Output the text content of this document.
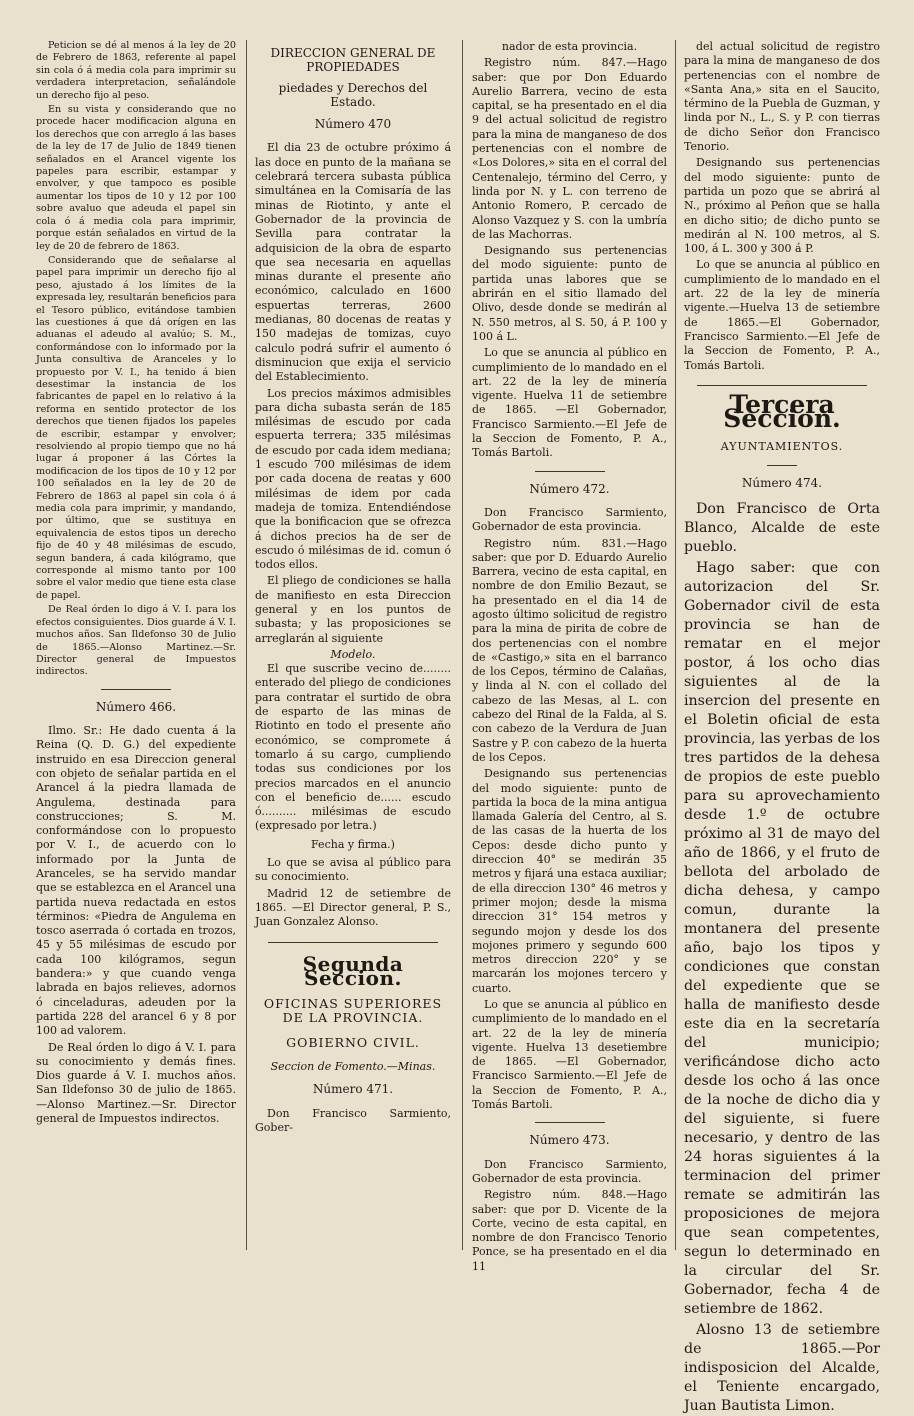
Peticion se dé al menos á la ley de 20 de Febrero de 1863, referente al papel sin cola ó á media cola para imprimir su verdadera interpretacion, señalándole un derecho fijo al peso.

En su vista y considerando que no procede hacer modificacion alguna en los derechos que con arreglo á las bases de la ley de 17 de Julio de 1849 tienen señalados en el Arancel vigente los papeles para escribir, estampar y envolver, y que tampoco es posible aumentar los tipos de 10 y 12 por 100 sobre avaluo que adeuda el papel sin cola ó á media cola para imprimir, porque están señalados en virtud de la ley de 20 de febrero de 1863.

Considerando que de señalarse al papel para imprimir un derecho fijo al peso, ajustado á los límites de la expresada ley, resultarán beneficios para el Tesoro público, evitándose tambien las cuestiones á que dá orígen en las aduanas el adeudo al avalúo; S. M., conformándose con lo informado por la Junta consultiva de Aranceles y lo propuesto por V. I., ha tenido á bien desestimar la instancia de los fabricantes de papel en lo relativo á la reforma en sentido protector de los derechos que tienen fijados los papeles de escribir, estampar y envolver; resolviendo al propio tiempo que no há lugar á proponer á las Córtes la modificacion de los tipos de 10 y 12 por 100 señalados en la ley de 20 de Febrero de 1863 al papel sin cola ó á media cola para imprimir, y mandando, por último, que se sustituya en equivalencia de estos tipos un derecho fijo de 40 y 48 milésimas de escudo, segun bandera, á cada kilógramo, que corresponde al mismo tanto por 100 sobre el valor medio que tiene esta clase de papel.

De Real órden lo digo á V. I. para los efectos consiguientes. Dios guarde á V. I. muchos años. San Ildefonso 30 de Julio de 1865.—Alonso Martinez.—Sr. Director general de Impuestos indirectos.

Número 466.

Ilmo. Sr.: He dado cuenta á la Reina (Q. D. G.) del expediente instruido en esa Direccion general con objeto de señalar partida en el Arancel á la piedra llamada de Angulema, destinada para construcciones; S. M. conformándose con lo propuesto por V. I., de acuerdo con lo informado por la Junta de Aranceles, se ha servido mandar que se establezca en el Arancel una partida nueva redactada en estos términos: «Piedra de Angulema en tosco aserrada ó cortada en trozos, 45 y 55 milésimas de escudo por cada 100 kilógramos, segun bandera:» y que cuando venga labrada en bajos relieves, adornos ó cinceladuras, adeuden por la partida 228 del arancel 6 y 8 por 100 ad valorem.

De Real órden lo digo á V. I. para su conocimiento y demás fines. Dios guarde á V. I. muchos años. San Ildefonso 30 de julio de 1865. —Alonso Martinez.—Sr. Director general de Impuestos indirectos.

DIRECCION GENERAL DE PROPIEDADES
piedades y Derechos del Estado.
Número 470

El dia 23 de octubre próximo á las doce en punto de la mañana se celebrará tercera subasta pública simultánea en la Comisaría de las minas de Riotinto, y ante el Gobernador de la provincia de Sevilla para contratar la adquisicion de la obra de esparto que sea necesaria en aquellas minas durante el presente año económico, calculado en 1600 espuertas terreras, 2600 medianas, 80 docenas de reatas y 150 madejas de tomizas, cuyo calculo podrá sufrir el aumento ó disminucion que exija el servicio del Establecimiento.

Los precios máximos admisibles para dicha subasta serán de 185 milésimas de escudo por cada espuerta terrera; 335 milésimas de escudo por cada idem mediana; 1 escudo 700 milésimas de idem por cada docena de reatas y 600 milésimas de idem por cada madeja de tomiza. Entendiéndose que la bonificacion que se ofrezca á dichos precios ha de ser de escudo ó milésimas de id. comun ó todos ellos.

El pliego de condiciones se halla de manifiesto en esta Direccion general y en los puntos de subasta; y las proposiciones se arreglarán al siguiente

Modelo.

El que suscribe vecino de........ enterado del pliego de condiciones para contratar el surtido de obra de esparto de las minas de Riotinto en todo el presente año económico, se compromete á tomarlo á su cargo, cumpliendo todas sus condiciones por los precios marcados en el anuncio con el beneficio de...... escudo ó.......... milésimas de escudo (expresado por letra.)

Fecha y firma.)

Lo que se avisa al público para su conocimiento.

Madrid 12 de setiembre de 1865. —El Director general, P. S., Juan Gonzalez Alonso.

Segunda Seccion.
OFICINAS SUPERIORES DE LA PROVINCIA.
GOBIERNO CIVIL.
Seccion de Fomento.—Minas.
Número 471.

Don Francisco Sarmiento, Gober-

nador de esta provincia.

Registro núm. 847.—Hago saber: que por Don Eduardo Aurelio Barrera, vecino de esta capital, se ha presentado en el dia 9 del actual solicitud de registro para la mina de manganeso de dos pertenencias con el nombre de «Los Dolores,» sita en el corral del Centenalejo, término del Cerro, y linda por N. y L. con terreno de Antonio Romero, P. cercado de Alonso Vazquez y S. con la umbría de las Machorras.

Designando sus pertenencias del modo siguiente: punto de partida unas labores que se abrirán en el sitio llamado del Olivo, desde donde se medirán al N. 550 metros, al S. 50, á P. 100 y 100 á L.

Lo que se anuncia al público en cumplimiento de lo mandado en el art. 22 de la ley de minería vigente. Huelva 11 de setiembre de 1865. —El Gobernador, Francisco Sarmiento.—El Jefe de la Seccion de Fomento, P. A., Tomás Bartoli.

Número 472.

Don Francisco Sarmiento, Gobernador de esta provincia.

Registro núm. 831.—Hago saber: que por D. Eduardo Aurelio Barrera, vecino de esta capital, en nombre de don Emilio Bezaut, se ha presentado en el dia 14 de agosto último solicitud de registro para la mina de pirita de cobre de dos pertenencias con el nombre de «Castigo,» sita en el barranco de los Cepos, término de Calañas, y linda al N. con el collado del cabezo de las Mesas, al L. con cabezo del Rinal de la Falda, al S. con cabezo de la Verdura de Juan Sastre y P. con cabezo de la huerta de los Cepos.

Designando sus pertenencias del modo siguiente: punto de partida la boca de la mina antigua llamada Galería del Centro, al S. de las casas de la huerta de los Cepos: desde dicho punto y direccion 40° se medirán 35 metros y fijará una estaca auxiliar; de ella direccion 130° 46 metros y primer mojon; desde la misma direccion 31° 154 metros y segundo mojon y desde los dos mojones primero y segundo 600 metros direccion 220° y se marcarán los mojones tercero y cuarto.

Lo que se anuncia al público en cumplimiento de lo mandado en el art. 22 de la ley de minería vigente. Huelva 13 desetiembre de 1865. —El Gobernador, Francisco Sarmiento.—El Jefe de la Seccion de Fomento, P. A., Tomás Bartoli.

Número 473.

Don Francisco Sarmiento, Gobernador de esta provincia.

Registro núm. 848.—Hago saber: que por D. Vicente de la Corte, vecino de esta capital, en nombre de don Francisco Tenorio Ponce, se ha presentado en el dia 11

del actual solicitud de registro para la mina de manganeso de dos pertenencias con el nombre de «Santa Ana,» sita en el Saucito, término de la Puebla de Guzman, y linda por N., L., S. y P. con tierras de dicho Señor don Francisco Tenorio.

Designando sus pertenencias del modo siguiente: punto de partida un pozo que se abrirá al N., próximo al Peñon que se halla en dicho sitio; de dicho punto se medirán al N. 100 metros, al S. 100, á L. 300 y 300 á P.

Lo que se anuncia al público en cumplimiento de lo mandado en el art. 22 de la ley de minería vigente.—Huelva 13 de setiembre de 1865.—El Gobernador, Francisco Sarmiento.—El Jefe de la Seccion de Fomento, P. A., Tomás Bartoli.

Tercera Seccion.
AYUNTAMIENTOS.
Número 474.

Don Francisco de Orta Blanco, Alcalde de este pueblo.

Hago saber: que con autorizacion del Sr. Gobernador civil de esta provincia se han de rematar en el mejor postor, á los ocho dias siguientes al de la insercion del presente en el Boletin oficial de esta provincia, las yerbas de los tres partidos de la dehesa de propios de este pueblo para su aprovechamiento desde 1.º de octubre próximo al 31 de mayo del año de 1866, y el fruto de bellota del arbolado de dicha dehesa, y campo comun, durante la montanera del presente año, bajo los tipos y condiciones que constan del expediente que se halla de manifiesto desde este dia en la secretaría del municipio; verificándose dicho acto desde los ocho á las once de la noche de dicho dia y del siguiente, si fuere necesario, y dentro de las 24 horas siguientes á la terminacion del primer remate se admitirán las proposiciones de mejora que sean competentes, segun lo determinado en la circular del Sr. Gobernador, fecha 4 de setiembre de 1862.

Alosno 13 de setiembre de 1865.—Por indisposicion del Alcalde, el Teniente encargado, Juan Bautista Limon.
